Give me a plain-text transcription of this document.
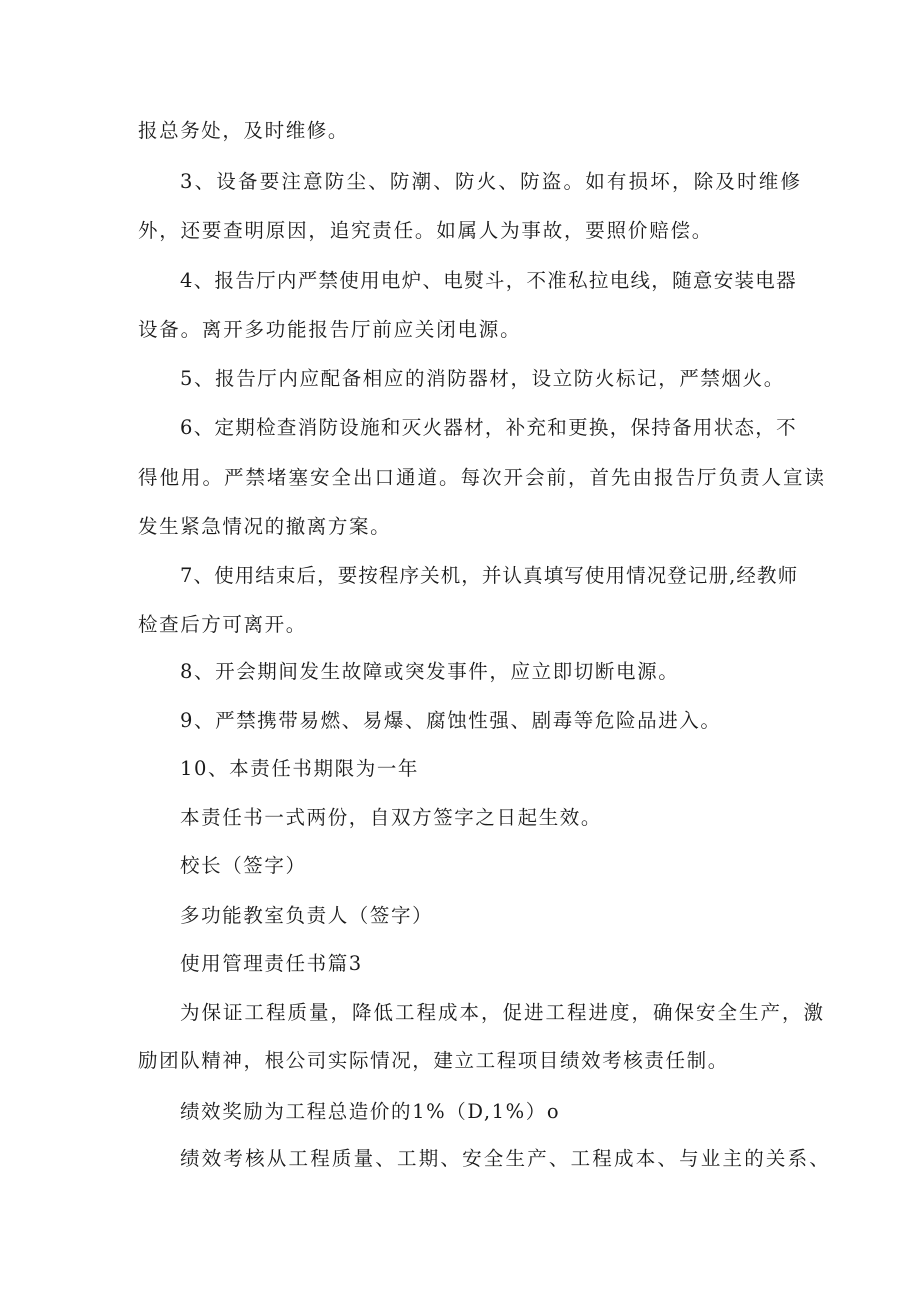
报总务处，及时维修。
3、设备要注意防尘、防潮、防火、防盗。如有损坏，除及时维修
外，还要查明原因，追究责任。如属人为事故，要照价赔偿。
4、报告厅内严禁使用电炉、电熨斗，不准私拉电线，随意安装电器
设备。离开多功能报告厅前应关闭电源。
5、报告厅内应配备相应的消防器材，设立防火标记，严禁烟火。
6、定期检查消防设施和灭火器材，补充和更换，保持备用状态，不
得他用。严禁堵塞安全出口通道。每次开会前，首先由报告厅负责人宣读
发生紧急情况的撤离方案。
7、使用结束后，要按程序关机，并认真填写使用情况登记册,经教师
检查后方可离开。
8、开会期间发生故障或突发事件，应立即切断电源。
9、严禁携带易燃、易爆、腐蚀性强、剧毒等危险品进入。
10、本责任书期限为一年
本责任书一式两份，自双方签字之日起生效。
校长（签字）
多功能教室负责人（签字）
使用管理责任书篇3
为保证工程质量，降低工程成本，促进工程进度，确保安全生产，激
励团队精神，根公司实际情况，建立工程项目绩效考核责任制。
绩效奖励为工程总造价的1%（D,1%）o
绩效考核从工程质量、工期、安全生产、工程成本、与业主的关系、
